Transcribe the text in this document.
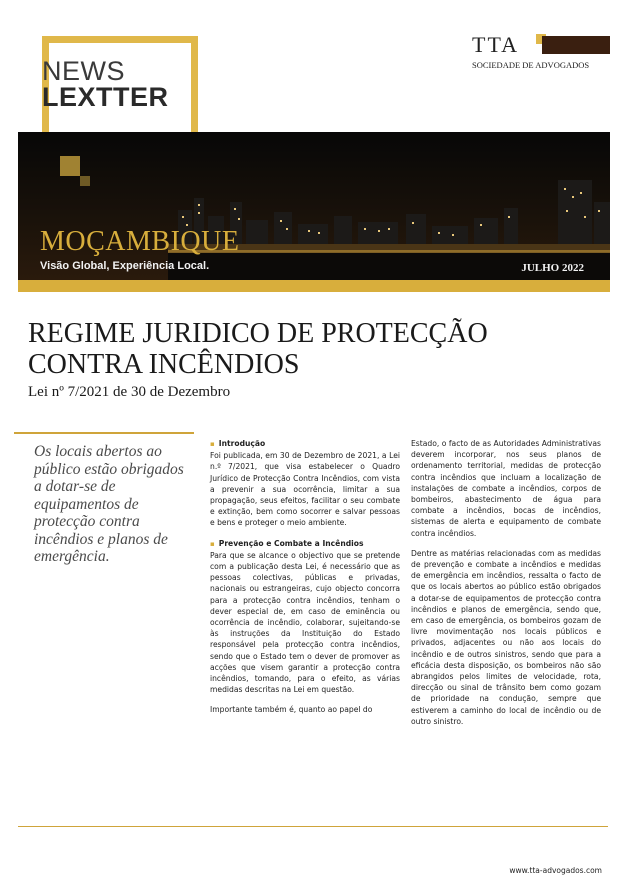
NEWS
LEXTTER
TTA
SOCIEDADE DE ADVOGADOS
MOÇAMBIQUE
Visão Global, Experiência Local.	JULHO 2022
REGIME JURIDICO DE PROTECÇÃO CONTRA INCÊNDIOS
Lei nº 7/2021 de 30 de Dezembro
Os locais abertos ao público estão obrigados a dotar-se de equipamentos de protecção contra incêndios e planos de emergência.
▪ Introdução

Foi publicada, em 30 de Dezembro de 2021, a Lei n.º 7/2021, que visa estabelecer o Quadro Jurídico de Protecção Contra Incêndios, com vista a prevenir a sua ocorrência, limitar a sua propagação, seus efeitos, facilitar o seu combate e extinção, bem como socorrer e salvar pessoas e bens e proteger o meio ambiente.

▪ Prevenção e Combate a Incêndios

Para que se alcance o objectivo que se pretende com a publicação desta Lei, é necessário que as pessoas colectivas, públicas e privadas, nacionais ou estrangeiras, cujo objecto concorra para a protecção contra incêndios, tenham o dever especial de, em caso de eminência ou ocorrência de incêndio, colaborar, sujeitando-se às instruções da Instituição do Estado responsável pela protecção contra incêndios, sendo que o Estado tem o dever de promover as acções que visem garantir a protecção contra incêndios, tomando, para o efeito, as várias medidas descritas na Lei em questão.

Importante também é, quanto ao papel do

Estado, o facto de as Autoridades Administrativas deverem incorporar, nos seus planos de ordenamento territorial, medidas de protecção contra incêndios que incluam a localização de instalações de combate a incêndios, corpos de bombeiros, abastecimento de água para combate a incêndios, bocas de incêndios, sistemas de alerta e equipamento de combate contra incêndios.

Dentre as matérias relacionadas com as medidas de prevenção e combate a incêndios e medidas de emergência em incêndios, ressalta o facto de que os locais abertos ao público estão obrigados a dotar-se de equipamentos de protecção contra incêndios e planos de emergência, sendo que, em caso de emergência, os bombeiros gozam de livre movimentação nos locais públicos e privados, adjacentes ou não aos locais do incêndio e de outros sinistros, sendo que para a eficácia desta disposição, os bombeiros não são abrangidos pelos limites de velocidade, rota, direcção ou sinal de trânsito bem como gozam de prioridade na condução, sempre que estiverem a caminho do local de incêndio ou de outro sinistro.

www.tta-advogados.com
